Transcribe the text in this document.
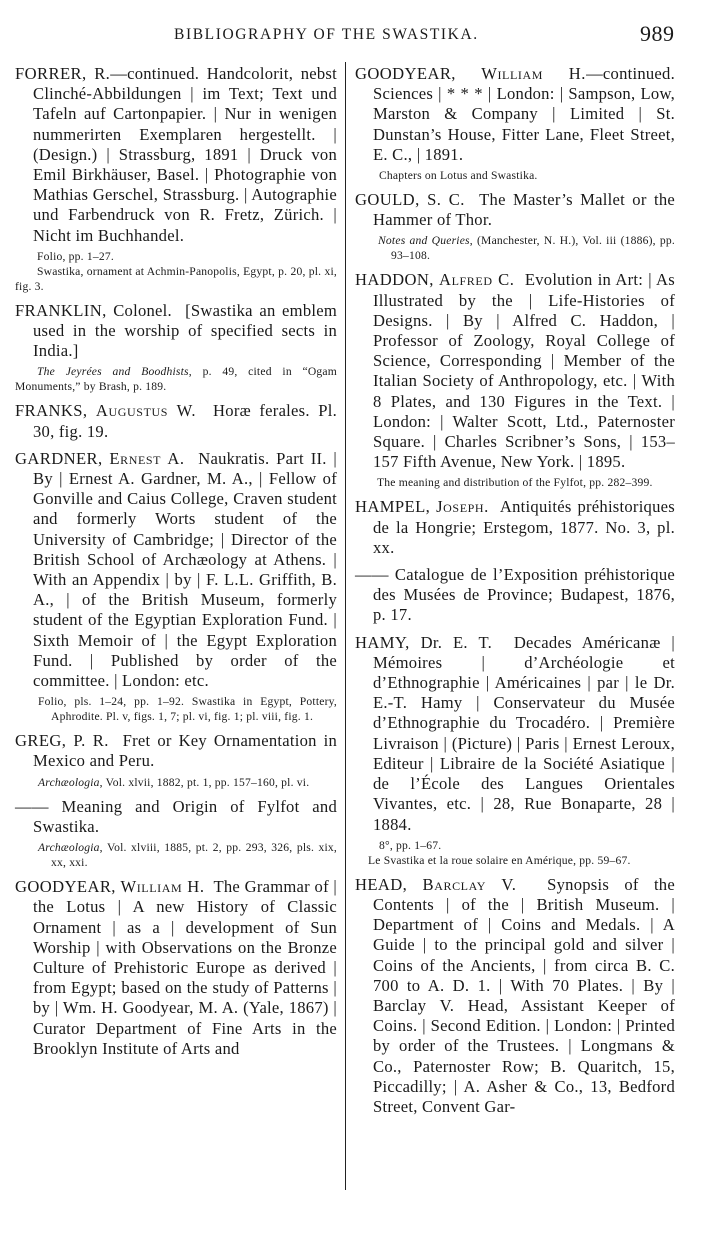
BIBLIOGRAPHY OF THE SWASTIKA.	989

FORRER, R.—continued. Handcolorit, nebst Clinché-Abbildungen | im Text; Text und Tafeln auf Cartonpapier. | Nur in wenigen nummerirten Exemplaren hergestellt. | (Design.) | Strassburg, 1891 | Druck von Emil Birkhäuser, Basel. | Photographie von Mathias Gerschel, Strassburg. | Autographie und Farbendruck von R. Fretz, Zürich. | Nicht im Buchhandel.

Folio, pp. 1–27.

Swastika, ornament at Achmin-Panopolis, Egypt, p. 20, pl. xi, fig. 3.

FRANKLIN, Colonel. [Swastika an emblem used in the worship of specified sects in India.]

The Jeyrées and Boodhists, p. 49, cited in “Ogam Monuments,” by Brash, p. 189.

FRANKS, Augustus W. Horæ ferales. Pl. 30, fig. 19.

GARDNER, Ernest A. Naukratis. Part II. | By | Ernest A. Gardner, M. A., | Fellow of Gonville and Caius College, Craven student and formerly Worts student of the University of Cambridge; | Director of the British School of Archæology at Athens. | With an Appendix | by | F. L.L. Griffith, B. A., | of the British Museum, formerly student of the Egyptian Exploration Fund. | Sixth Memoir of | the Egypt Exploration Fund. | Published by order of the committee. | London: etc.

Folio, pls. 1–24, pp. 1–92. Swastika in Egypt, Pottery, Aphrodite. Pl. v, figs. 1, 7; pl. vi, fig. 1; pl. viii, fig. 1.

GREG, P. R. Fret or Key Ornamentation in Mexico and Peru.

Archæologia, Vol. xlvii, 1882, pt. 1, pp. 157–160, pl. vi.

—— Meaning and Origin of Fylfot and Swastika.

Archæologia, Vol. xlviii, 1885, pt. 2, pp. 293, 326, pls. xix, xx, xxi.

GOODYEAR, William H. The Grammar of | the Lotus | A new History of Classic Ornament | as a | development of Sun Worship | with Observations on the Bronze Culture of Prehistoric Europe as derived | from Egypt; based on the study of Patterns | by | Wm. H. Goodyear, M. A. (Yale, 1867) | Curator Department of Fine Arts in the Brooklyn Institute of Arts and

GOODYEAR, William H.—continued. Sciences | * * * | London: | Sampson, Low, Marston & Company | Limited | St. Dunstan’s House, Fitter Lane, Fleet Street, E. C., | 1891.

Chapters on Lotus and Swastika.

GOULD, S. C. The Master’s Mallet or the Hammer of Thor.

Notes and Queries, (Manchester, N. H.), Vol. iii (1886), pp. 93–108.

HADDON, Alfred C. Evolution in Art: | As Illustrated by the | Life-Histories of Designs. | By | Alfred C. Haddon, | Professor of Zoology, Royal College of Science, Corresponding | Member of the Italian Society of Anthropology, etc. | With 8 Plates, and 130 Figures in the Text. | London: | Walter Scott, Ltd., Paternoster Square. | Charles Scribner’s Sons, | 153–157 Fifth Avenue, New York. | 1895.

The meaning and distribution of the Fylfot, pp. 282–399.

HAMPEL, Joseph. Antiquités préhistoriques de la Hongrie; Erstegom, 1877. No. 3, pl. xx.

—— Catalogue de l’Exposition préhistorique des Musées de Province; Budapest, 1876, p. 17.

HAMY, Dr. E. T. Decades Américanæ | Mémoires | d’Archéologie et d’Ethnographie | Américaines | par | le Dr. E.-T. Hamy | Conservateur du Musée d’Ethnographie du Trocadéro. | Première Livraison | (Picture) | Paris | Ernest Leroux, Editeur | Libraire de la Société Asiatique | de l’École des Langues Orientales Vivantes, etc. | 28, Rue Bonaparte, 28 | 1884.

8°, pp. 1–67.

Le Svastika et la roue solaire en Amérique, pp. 59–67.

HEAD, Barclay V. Synopsis of the Contents | of the | British Museum. | Department of | Coins and Medals. | A Guide | to the principal gold and silver | Coins of the Ancients, | from circa B. C. 700 to A. D. 1. | With 70 Plates. | By | Barclay V. Head, Assistant Keeper of Coins. | Second Edition. | London: | Printed by order of the Trustees. | Longmans & Co., Paternoster Row; B. Quaritch, 15, Piccadilly; | A. Asher & Co., 13, Bedford Street, Convent Gar-
